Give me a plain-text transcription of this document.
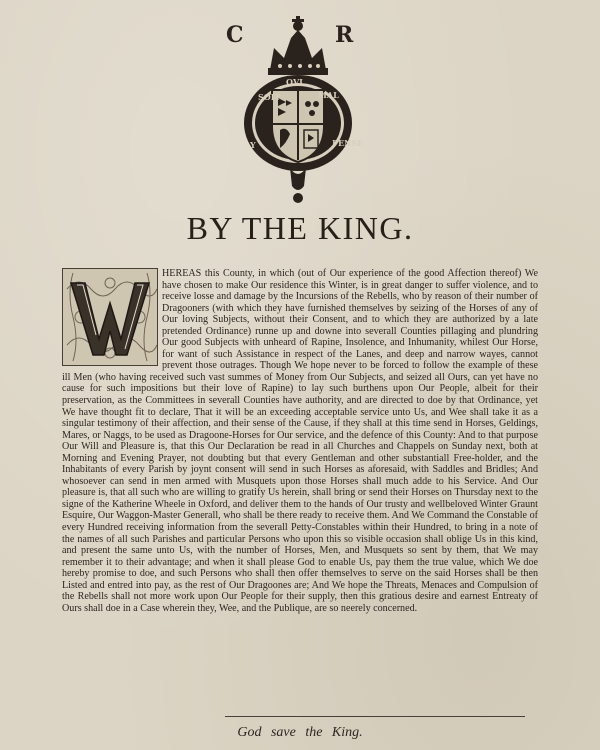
C	R
SOIT
QVI
MAL
Y	PENSE
BY THE KING.
HEREAS this County, in which (out of Our experience of the good Affection thereof) We have chosen to make Our residence this Winter, is in great danger to suffer violence, and to receive losse and damage by the Incursions of the Rebells, who by reason of their number of Dragooners (with which they have furnished themselves by seizing of the Horses of any of Our loving Subjects, without their Consent, and to which they are authorized by a late pretended Ordinance) runne up and downe into severall Counties pillaging and plundring Our good Subjects with unheard of Rapine, Insolence, and Inhumanity, whilest Our Horse, for want of such Assistance in respect of the Lanes, and deep and narrow wayes, cannot prevent those outrages. Though We hope never to be forced to follow the example of these ill Men (who having received such vast summes of Money from Our Subjects, and seized all Ours, can yet have no cause for such impositions but their love of Rapine) to lay such burthens upon Our People, albeit for their preservation, as the Committees in severall Counties have authority, and are directed to doe by that Ordinance, yet We have thought fit to declare, That it will be an exceeding acceptable service unto Us, and Wee shall take it as a singular testimony of their affection, and their sense of the Cause, if they shall at this time send in Horses, Geldings, Mares, or Naggs, to be used as Dragoone-Horses for Our service, and the defence of this County: And to that purpose Our Will and Pleasure is, that this Our Declaration be read in all Churches and Chappels on Sunday next, both at Morning and Evening Prayer, not doubting but that every Gentleman and other substantiall Free-holder, and the Inhabitants of every Parish by joynt consent will send in such Horses as aforesaid, with Saddles and Bridles; And whosoever can send in men armed with Musquets upon those Horses shall much adde to his Service. And Our pleasure is, that all such who are willing to gratify Us herein, shall bring or send their Horses on Thursday next to the signe of the Katherine Wheele in Oxford, and deliver them to the hands of Our trusty and wellbeloved Winter Graunt Esquire, Our Waggon-Master Generall, who shall be there ready to receive them. And We Command the Constable of every Hundred receiving information from the severall Petty-Constables within their Hundred, to bring in a note of the names of all such Parishes and particular Persons who upon this so visible occasion shall oblige Us in this kind, and present the same unto Us, with the number of Horses, Men, and Musquets so sent by them, that We may remember it to their advantage; and when it shall please God to enable Us, pay them the true value, which We doe hereby promise to doe, and such Persons who shall then offer themselves to serve on the said Horses shall be then Listed and entred into pay, as the rest of Our Dragoones are; And We hope the Threats, Menaces and Compulsion of the Rebells shall not more work upon Our People for their supply, then this gratious desire and earnest Entreaty of Ours shall doe in a Case wherein they, Wee, and the Publique, are so neerely concerned.
God save the King.
